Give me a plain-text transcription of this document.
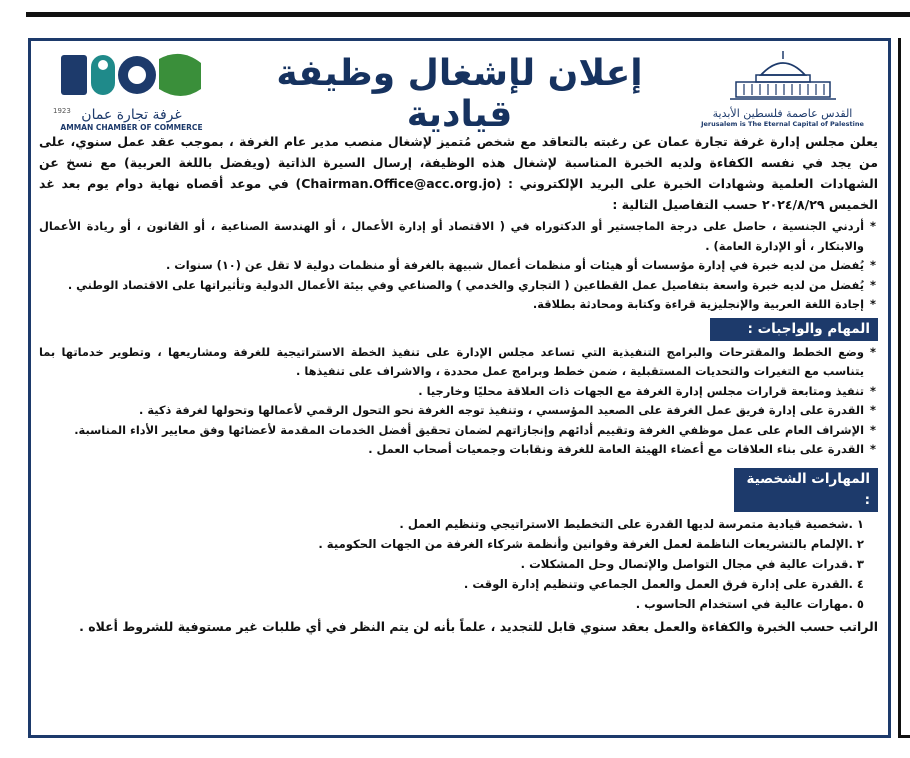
القدس عاصمة فلسطين الأبدية
Jerusalem is The Eternal Capital of Palestine
إعلان لإشغال وظيفة قيادية
1923 غرفة تجارة عمان
AMMAN CHAMBER OF COMMERCE

يعلن مجلس إدارة غرفة تجارة عمان عن رغبته بالتعاقد مع شخص مُتميز لإشغال منصب مدير عام الغرفة ، بموجب عقد عمل سنوي، على من يجد في نفسه الكفاءة ولديه الخبرة المناسبة لإشغال هذه الوظيفة، إرسال السيرة الذاتية (ويفضل باللغة العربية) مع نسخ عن الشهادات العلمية وشهادات الخبرة على البريد الإلكتروني : (Chairman.Office@acc.org.jo) في موعد أقصاه نهاية دوام يوم بعد غد الخميس ٢٠٢٤/٨/٢٩ حسب التفاصيل التالية :

* أردني الجنسية ، حاصل على درجة الماجستير أو الدكتوراه في ( الاقتصاد أو إدارة الأعمال ، أو الهندسة الصناعية ، أو القانون ، أو ريادة الأعمال والابتكار ، أو الإدارة العامة) .
* يُفضل من لديه خبرة في إدارة مؤسسات أو هيئات أو منظمات أعمال شبيهة بالغرفة أو منظمات دولية لا تقل عن (١٠) سنوات .
* يُفضل من لديه خبرة واسعة بتفاصيل عمل القطاعين ( التجاري والخدمي ) والصناعي وفي بيئة الأعمال الدولية وتأثيراتها على الاقتصاد الوطني .
* إجادة اللغة العربية والإنجليزية قراءة وكتابة ومحادثة بطلاقة.
المهام والواجبات :
* وضع الخطط والمقترحات والبرامج التنفيذية التي تساعد مجلس الإدارة على تنفيذ الخطة الاستراتيجية للغرفة ومشاريعها ، وتطوير خدماتها بما يتناسب مع التغيرات والتحديات المستقبلية ، ضمن خطط وبرامج عمل محددة ، والاشراف على تنفيذها .
* تنفيذ ومتابعة قرارات مجلس إدارة الغرفة مع الجهات ذات العلاقة محليًا وخارجيا .
* القدرة على إدارة فريق عمل الغرفة على الصعيد المؤسسي ، وتنفيذ توجه الغرفة نحو التحول الرقمي لأعمالها وتحولها لغرفة ذكية .
* الإشراف العام على عمل موظفي الغرفة وتقييم أدائهم وإنجازاتهم لضمان تحقيق أفضل الخدمات المقدمة لأعضائها وفق معايير الأداء المناسبة.
* القدرة على بناء العلاقات مع أعضاء الهيئة العامة للغرفة ونقابات وجمعيات أصحاب العمل .
المهارات الشخصية :
١ .شخصية قيادية متمرسة لديها القدرة على التخطيط الاستراتيجي وتنظيم العمل .
٢ .الإلمام بالتشريعات الناظمة لعمل الغرفة وقوانين وأنظمة شركاء الغرفة من الجهات الحكومية .
٣ .قدرات عالية في مجال التواصل والإتصال وحل المشكلات .
٤ .القدرة على إدارة فرق العمل والعمل الجماعي وتنظيم إدارة الوقت .
٥ .مهارات عالية في استخدام الحاسوب .
الراتب حسب الخبرة والكفاءة والعمل بعقد سنوي قابل للتجديد ، علماً بأنه لن يتم النظر في أي طلبات غير مستوفية للشروط أعلاه .
